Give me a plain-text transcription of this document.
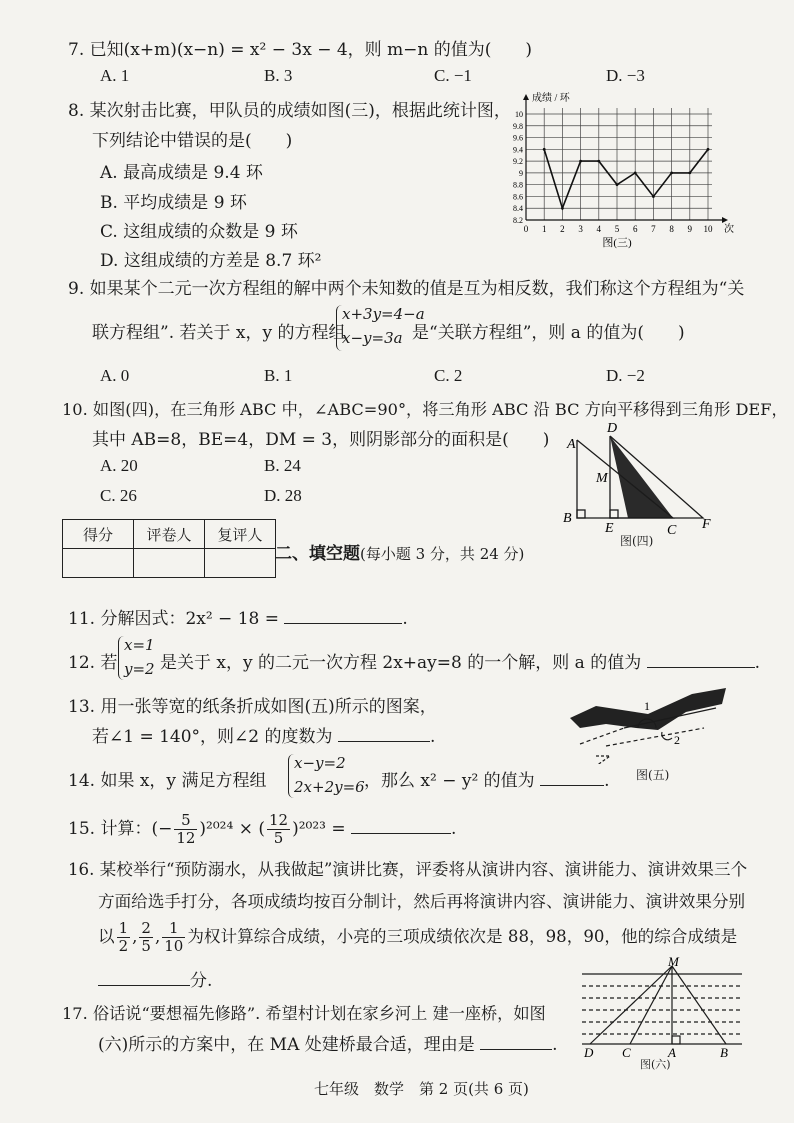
7. 已知(x+m)(x−n) = x² − 3x − 4，则 m−n 的值为(　　)
A. 1	B. 3	C. −1	D. −3
8. 某次射击比赛，甲队员的成绩如图(三)，根据此统计图，
下列结论中错误的是(　　)
A. 最高成绩是 9.4 环
B. 平均成绩是 9 环
C. 这组成绩的众数是 9 环
D. 这组成绩的方差是 8.7 环²
8.2
8.4
8.6
8.8
9
9.2
9.4
9.6
9.8
10
0 1 2 3 4 5 6 7 8 9 10
成绩 / 环
次
图(三)
9. 如果某个二元一次方程组的解中两个未知数的值是互为相反数，我们称这个方程组为“关
联方程组”. 若关于 x，y 的方程组
x+3y=4−a
x−y=3a 是“关联方程组”，则 a 的值为(　　)
A. 0	B. 1	C. 2	D. −2
10. 如图(四)，在三角形 ABC 中，∠ABC=90°，将三角形 ABC 沿 BC 方向平移得到三角形 DEF，
其中 AB=8，BE=4，DM = 3，则阴影部分的面积是(　　)
A. 20	B. 24
C. 26	D. 28
A
D
M
B
E	C F
图(四)
得分	评卷人	复评人

二、填空题(每小题 3 分，共 24 分)
11. 分解因式：2x² − 18 =	.
12. 若
x=1
y=2 是关于 x，y 的二元一次方程 2x+ay=8 的一个解，则 a 的值为	.
13. 用一张等宽的纸条折成如图(五)所示的图案，
若∠1 = 140°，则∠2 的度数为	.
1
2
图(五)
14. 如果 x，y 满足方程组
x−y=2
2x+2y=6 ，那么 x² − y² 的值为	.
15. 计算：(− $\frac{5}{12} )^{2024}$ × ( $\frac{12}{5} )^{2023}$ =	.
16. 某校举行“预防溺水，从我做起”演讲比赛，评委将从演讲内容、演讲能力、演讲效果三个
方面给选手打分，各项成绩均按百分制计，然后再将演讲内容、演讲能力、演讲效果分别
以 $\frac{1}{2}$ , $\frac{2}{5}$ , $\frac{1}{10}$ 为权计算综合成绩，小亮的三项成绩依次是 88，98，90，他的综合成绩是
分.
17. 俗话说“要想福先修路”. 希望村计划在家乡河上 建一座桥，如图
(六)所示的方案中，在 MA 处建桥最合适，理由是	.
M
D C	A	B
图(六)
七年级　数学　第 2 页(共 6 页)
